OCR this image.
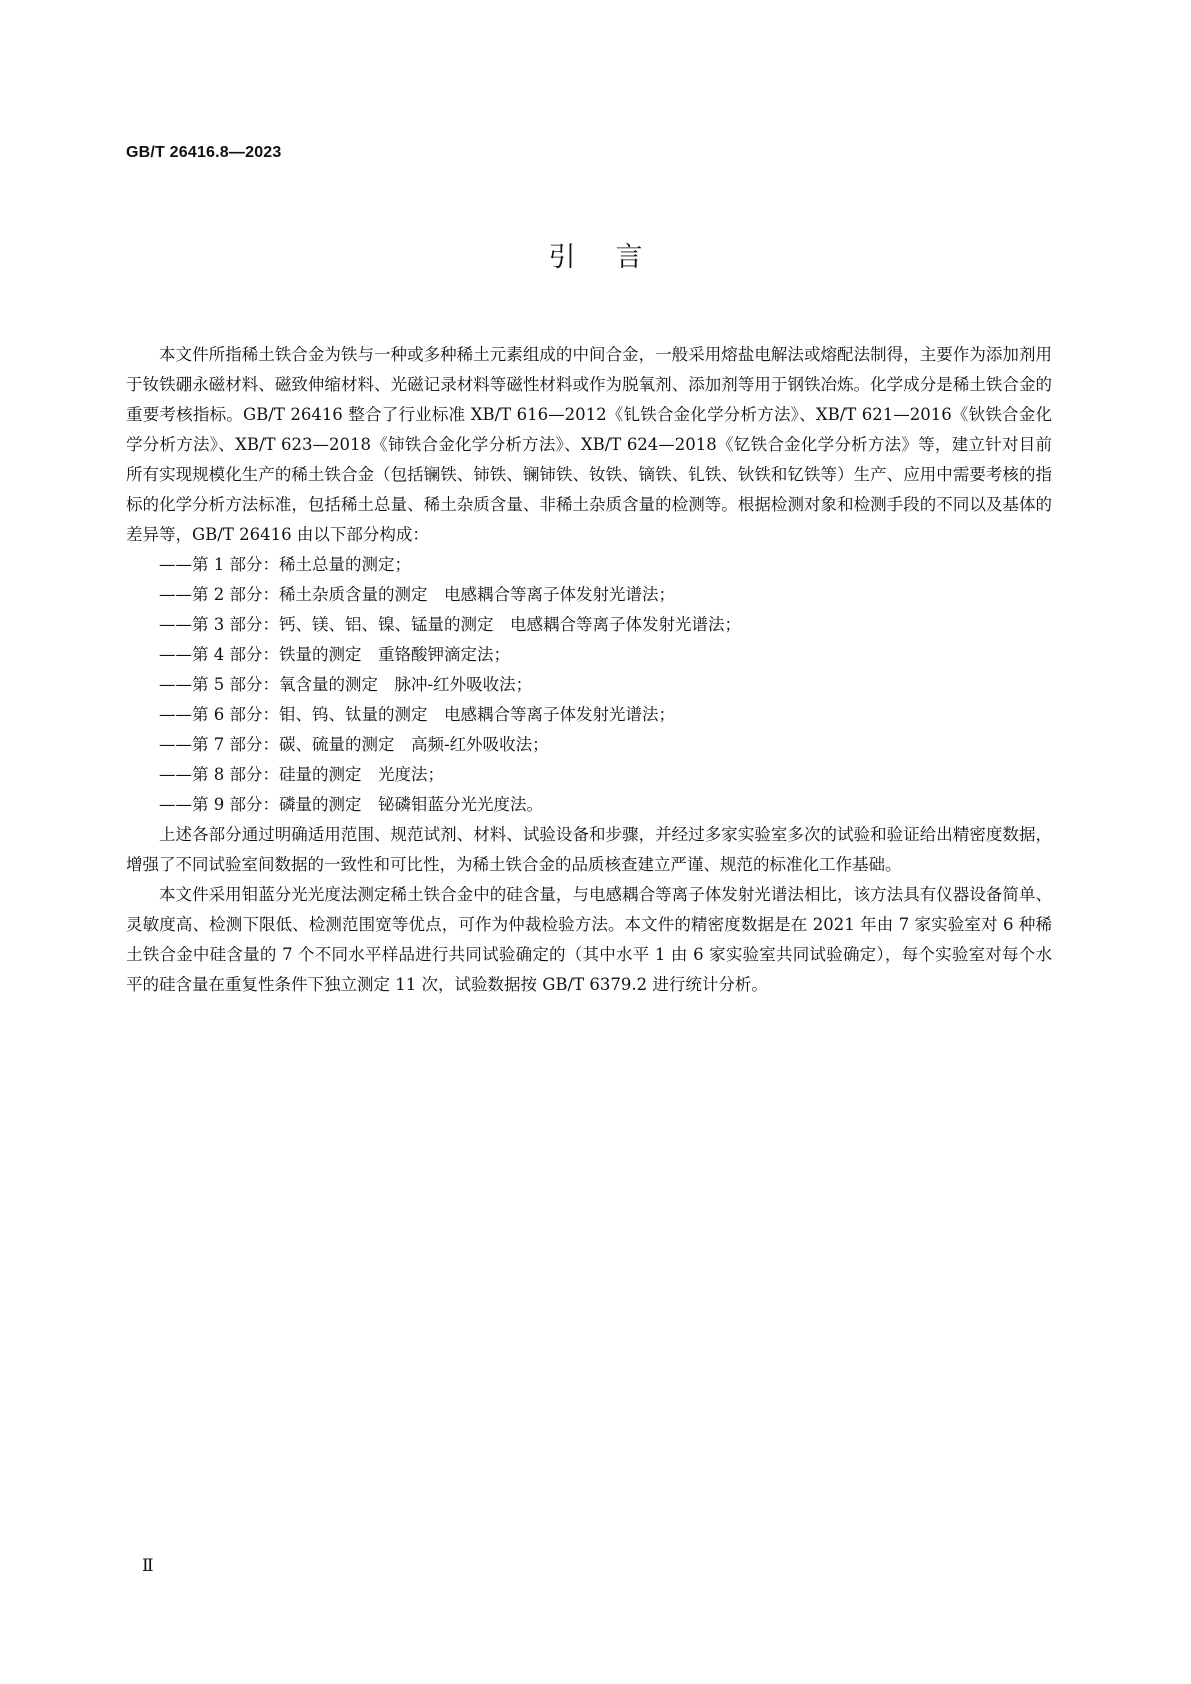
GB/T 26416.8—2023
引言

本文件所指稀土铁合金为铁与一种或多种稀土元素组成的中间合金，一般采用熔盐电解法或熔配法制得，主要作为添加剂用于钕铁硼永磁材料、磁致伸缩材料、光磁记录材料等磁性材料或作为脱氧剂、添加剂等用于钢铁冶炼。化学成分是稀土铁合金的重要考核指标。GB/T 26416 整合了行业标准 XB/T 616—2012《钆铁合金化学分析方法》、XB/T 621—2016《钬铁合金化学分析方法》、XB/T 623—2018《铈铁合金化学分析方法》、XB/T 624—2018《钇铁合金化学分析方法》等，建立针对目前所有实现规模化生产的稀土铁合金（包括镧铁、铈铁、镧铈铁、钕铁、镝铁、钆铁、钬铁和钇铁等）生产、应用中需要考核的指标的化学分析方法标准，包括稀土总量、稀土杂质含量、非稀土杂质含量的检测等。根据检测对象和检测手段的不同以及基体的差异等，GB/T 26416 由以下部分构成：

——第 1 部分：稀土总量的测定；
——第 2 部分：稀土杂质含量的测定　电感耦合等离子体发射光谱法；
——第 3 部分：钙、镁、铝、镍、锰量的测定　电感耦合等离子体发射光谱法；
——第 4 部分：铁量的测定　重铬酸钾滴定法；
——第 5 部分：氧含量的测定　脉冲-红外吸收法；
——第 6 部分：钼、钨、钛量的测定　电感耦合等离子体发射光谱法；
——第 7 部分：碳、硫量的测定　高频-红外吸收法；
——第 8 部分：硅量的测定　光度法；
——第 9 部分：磷量的测定　铋磷钼蓝分光光度法。

上述各部分通过明确适用范围、规范试剂、材料、试验设备和步骤，并经过多家实验室多次的试验和验证给出精密度数据，增强了不同试验室间数据的一致性和可比性，为稀土铁合金的品质核查建立严谨、规范的标准化工作基础。

本文件采用钼蓝分光光度法测定稀土铁合金中的硅含量，与电感耦合等离子体发射光谱法相比，该方法具有仪器设备简单、灵敏度高、检测下限低、检测范围宽等优点，可作为仲裁检验方法。本文件的精密度数据是在 2021 年由 7 家实验室对 6 种稀土铁合金中硅含量的 7 个不同水平样品进行共同试验确定的（其中水平 1 由 6 家实验室共同试验确定），每个实验室对每个水平的硅含量在重复性条件下独立测定 11 次，试验数据按 GB/T 6379.2 进行统计分析。

Ⅱ
